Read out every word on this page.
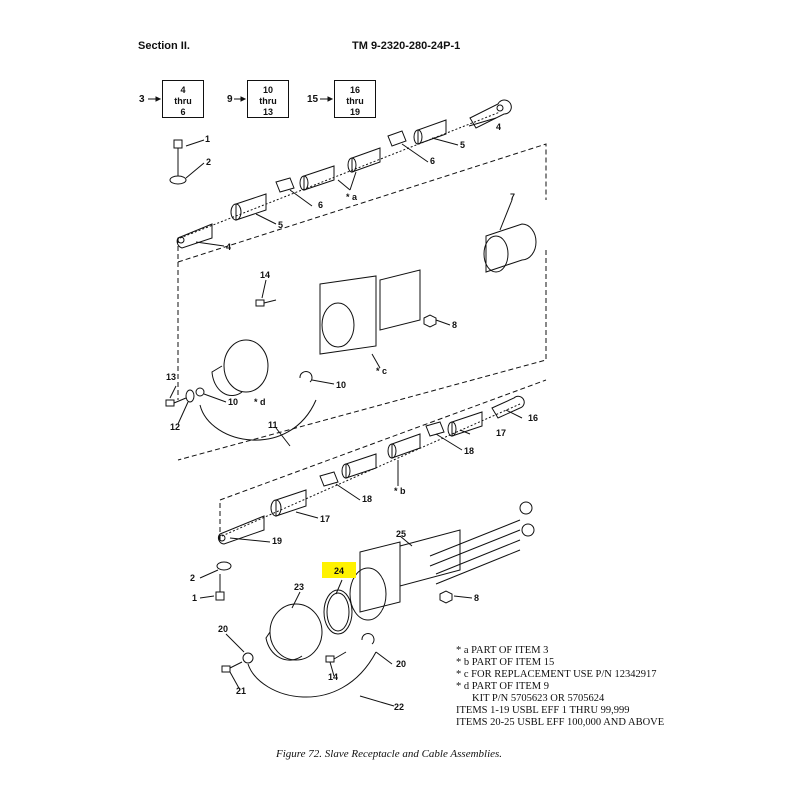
Section II.	TM 9-2320-280-24P-1
3
4
thru
6
9
10
thru
13
15
16
thru
19
1
2
4
5
6
* a
4
5
6
7
14
8
* c
13
12
10 * d
10
11
16
17
18
* b
18
17
19
2
1
25
24
23
8
20
21
14
20
22
* a PART OF ITEM 3
* b PART OF ITEM 15
* c FOR REPLACEMENT USE P/N 12342917
* d PART OF ITEM 9
KIT P/N 5705623 OR 5705624
ITEMS 1-19 USBL EFF 1 THRU 99,999
ITEMS 20-25 USBL EFF 100,000 AND ABOVE
Figure 72. Slave Receptacle and Cable Assemblies.
